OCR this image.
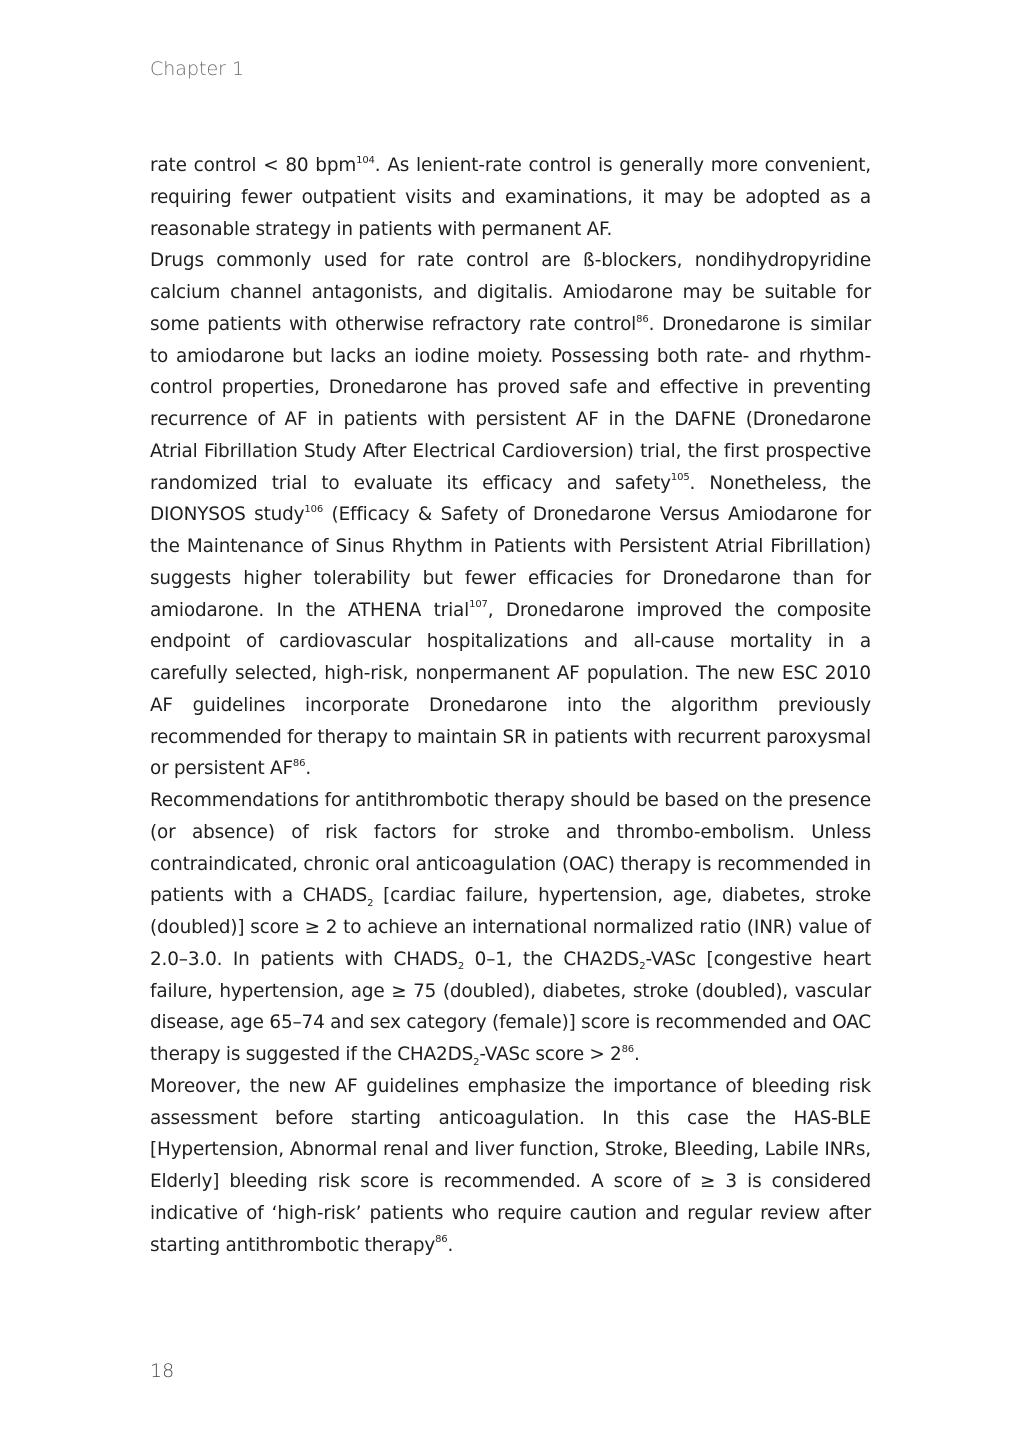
Chapter 1

rate control < 80 bpm$^{104}$. As lenient-rate control is generally more convenient, requiring fewer outpatient visits and examinations, it may be adopted as a reasonable strategy in patients with permanent AF.

Drugs commonly used for rate control are ß-blockers, nondihydropyridine calcium channel antagonists, and digitalis. Amiodarone may be suitable for some patients with otherwise refractory rate control$^{86}$. Dronedarone is similar to amiodarone but lacks an iodine moiety. Possessing both rate- and rhythm-control properties, Dronedarone has proved safe and effective in preventing recurrence of AF in patients with persistent AF in the DAFNE (Dronedarone Atrial Fibrillation Study After Electrical Cardioversion) trial, the first prospective randomized trial to evaluate its efficacy and safety$^{105}$. Nonetheless, the DIONYSOS study$^{106}$ (Efficacy & Safety of Dronedarone Versus Amiodarone for the Maintenance of Sinus Rhythm in Patients with Persistent Atrial Fibrillation) suggests higher tolerability but fewer efficacies for Dronedarone than for amiodarone. In the ATHENA trial$^{107}$, Dronedarone improved the composite endpoint of cardiovascular hospitalizations and all-cause mortality in a carefully selected, high-risk, nonpermanent AF population. The new ESC 2010 AF guidelines incorporate Dronedarone into the algorithm previously recommended for therapy to maintain SR in patients with recurrent paroxysmal or persistent AF$^{86}$.

Recommendations for antithrombotic therapy should be based on the presence (or absence) of risk factors for stroke and thrombo-embolism. Unless contraindicated, chronic oral anticoagulation (OAC) therapy is recommended in patients with a $CHADS_2$ [cardiac failure, hypertension, age, diabetes, stroke (doubled)] score ≥ 2 to achieve an international normalized ratio (INR) value of 2.0–3.0. In patients with $CHADS_2$ 0–1, the $CHA2DS_2$-VASc [congestive heart failure, hypertension, age ≥ 75 (doubled), diabetes, stroke (doubled), vascular disease, age 65–74 and sex category (female)] score is recommended and OAC therapy is suggested if the $CHA2DS_2$-VASc score > $2^{86}$.

Moreover, the new AF guidelines emphasize the importance of bleeding risk assessment before starting anticoagulation. In this case the HAS-BLE [Hypertension, Abnormal renal and liver function, Stroke, Bleeding, Labile INRs, Elderly] bleeding risk score is recommended. A score of ≥ 3 is considered indicative of ‘high-risk’ patients who require caution and regular review after starting antithrombotic therapy$^{86}$.

18
